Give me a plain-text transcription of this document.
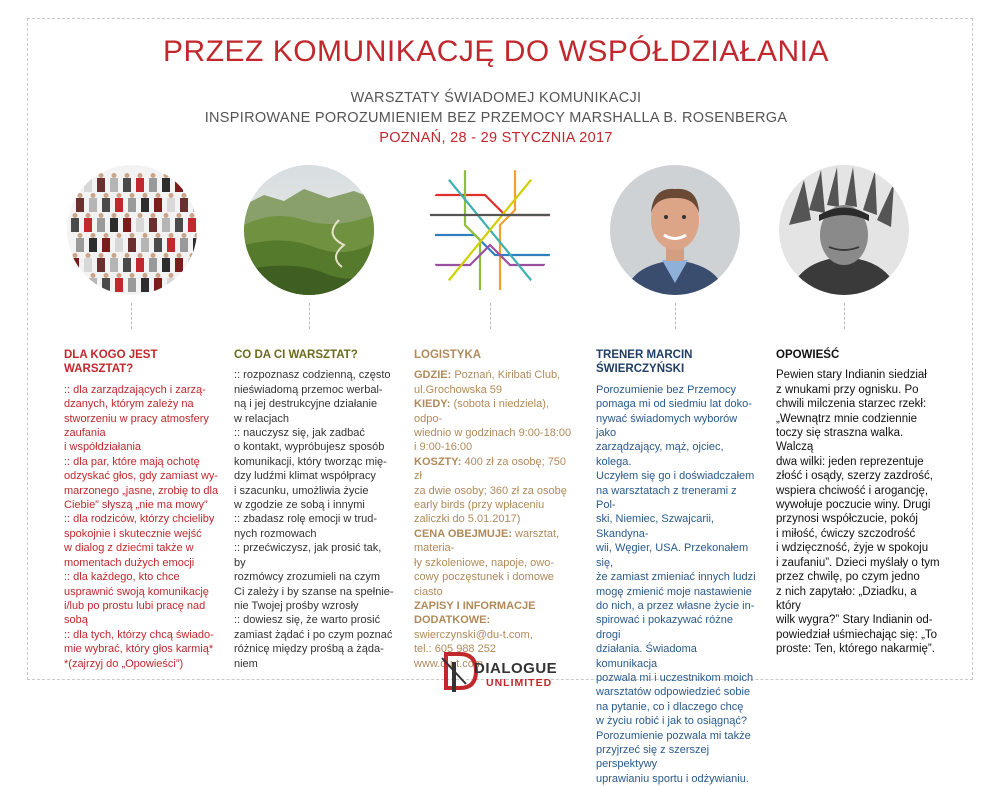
PRZEZ KOMUNIKACJĘ DO WSPÓŁDZIAŁANIA
WARSZTATY ŚWIADOMEJ KOMUNIKACJI
INSPIROWANE POROZUMIENIEM BEZ PRZEMOCY MARSHALLA B. ROSENBERGA
POZNAŃ, 28 - 29 STYCZNIA 2017
DLA KOGO JEST WARSZTAT?

:: dla zarządzających i zarzą-

dzanych, którym zależy na

stworzeniu w pracy atmosfery

zaufania

i współdziałania

:: dla par, które mają ochotę

odzyskać głos, gdy zamiast wy-

marzonego „jasne, zrobię to dla

Ciebie” słyszą „nie ma mowy”

:: dla rodziców, którzy chcieliby

spokojnie i skutecznie wejść

w dialog z dziećmi także w

momentach dużych emocji

:: dla każdego, kto chce

usprawnić swoją komunikację

i/lub po prostu lubi pracę nad

sobą

:: dla tych, którzy chcą świado-

mie wybrać, który głos karmią*

*(zajrzyj do „Opowieści”)

CO DA CI WARSZTAT?

:: rozpoznasz codzienną, często

nieświadomą przemoc werbal-

ną i jej destrukcyjne działanie

w relacjach

:: nauczysz się, jak zadbać

o kontakt, wypróbujesz sposób

komunikacji, który tworząc mię-

dzy ludźmi klimat współpracy

i szacunku, umożliwia życie

w zgodzie ze sobą i innymi

:: zbadasz rolę emocji w trud-

nych rozmowach

:: przećwiczysz, jak prosić tak, by

rozmówcy zrozumieli na czym

Ci zależy i by szanse na spełnie-

nie Twojej prośby wzrosły

:: dowiesz się, że warto prosić

zamiast żądać i po czym poznać

różnicę między prośbą a żąda-

niem

LOGISTYKA

GDZIE: Poznań, Kiribati Club,

ul.Grochowska 59

KIEDY: (sobota i niedziela), odpo-

wiednio w godzinach 9:00-18:00

i 9:00-16:00

KOSZTY: 400 zł za osobę; 750 zł

za dwie osoby; 360 zł za osobę

early birds (przy wpłaceniu

zaliczki do 5.01.2017)

CENA OBEJMUJE: warsztat, materia-

ły szkoleniowe, napoje, owo-

cowy poczęstunek i domowe

ciasto

ZAPISY I INFORMACJE DODATKOWE:

swierczynski@du-t.com,

tel.: 605 988 252

www.du-t.com

TRENER MARCIN ŚWIERCZYŃSKI

Porozumienie bez Przemocy

pomaga mi od siedmiu lat doko-

nywać świadomych wyborów jako

zarządzający, mąż, ojciec, kolega.

Uczyłem się go i doświadczałem

na warsztatach z trenerami z Pol-

ski, Niemiec, Szwajcarii, Skandyna-

wii, Węgier, USA. Przekonałem się,

że zamiast zmieniać innych ludzi

mogę zmienić moje nastawienie

do nich, a przez własne życie in-

spirować i pokazywać różne drogi

działania. Świadoma komunikacja

pozwala mi i uczestnikom moich

warsztatów odpowiedzieć sobie

na pytanie, co i dlaczego chcę

w życiu robić i jak to osiągnąć?

Porozumienie pozwala mi także

przyjrzeć się z szerszej perspektywy

uprawianiu sportu i odżywianiu.

OPOWIEŚĆ

Pewien stary Indianin siedział

z wnukami przy ognisku. Po

chwili milczenia starzec rzekł:

„Wewnątrz mnie codziennie

toczy się straszna walka. Walczą

dwa wilki: jeden reprezentuje

złość i osądy, szerzy zazdrość,

wspiera chciwość i arogancję,

wywołuje poczucie winy. Drugi

przynosi współczucie, pokój

i miłość, ćwiczy szczodrość

i wdzięczność, żyje w spokoju

i zaufaniu”. Dzieci myślały o tym

przez chwilę, po czym jedno

z nich zapytało: „Dziadku, a który

wilk wygra?” Stary Indianin od-

powiedział uśmiechając się: „To

proste: Ten, którego nakarmię”.

DIALOGUE
UNLIMITED
